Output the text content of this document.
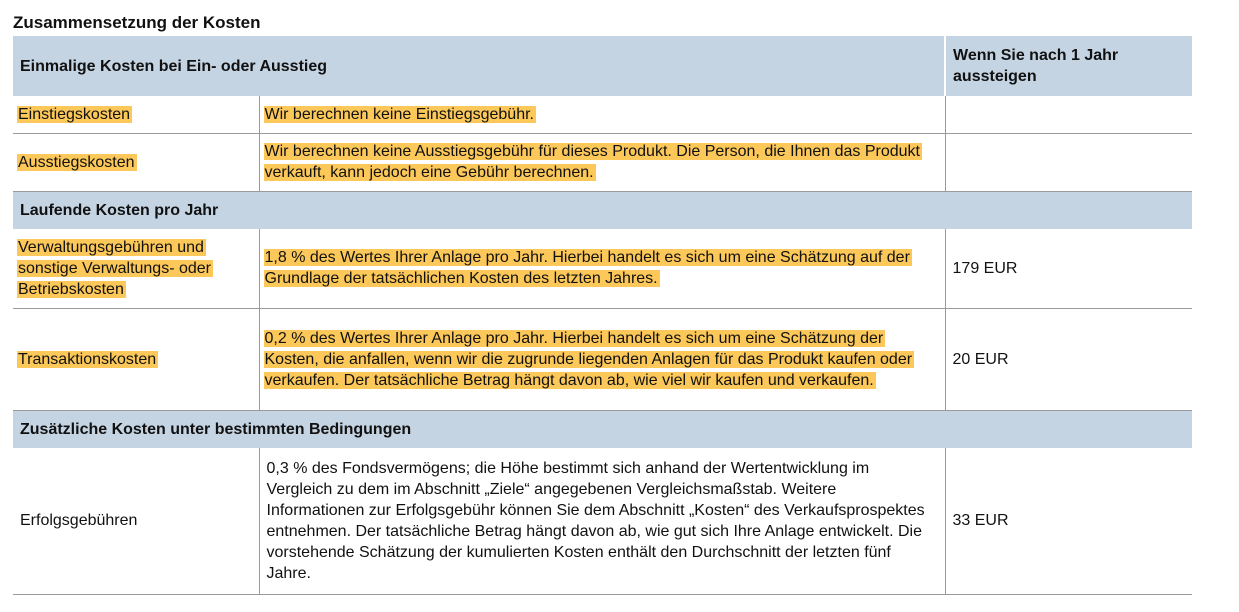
Zusammensetzung der Kosten
Einmalige Kosten bei Ein- oder Ausstieg		Wenn Sie nach 1 Jahr aussteigen
Einstiegskosten	Wir berechnen keine Einstiegsgebühr.	
Ausstiegskosten	Wir berechnen keine Ausstiegsgebühr für dieses Produkt. Die Person, die Ihnen das Produkt verkauft, kann jedoch eine Gebühr berechnen.	
Laufende Kosten pro Jahr		
Verwaltungsgebühren und sonstige Verwaltungs- oder Betriebskosten	1,8 % des Wertes Ihrer Anlage pro Jahr. Hierbei handelt es sich um eine Schätzung auf der Grundlage der tatsächlichen Kosten des letzten Jahres.	179 EUR
Transaktionskosten	0,2 % des Wertes Ihrer Anlage pro Jahr. Hierbei handelt es sich um eine Schätzung der Kosten, die anfallen, wenn wir die zugrunde liegenden Anlagen für das Produkt kaufen oder verkaufen. Der tatsächliche Betrag hängt davon ab, wie viel wir kaufen und verkaufen.	20 EUR
Zusätzliche Kosten unter bestimmten Bedingungen		
Erfolgsgebühren	0,3 % des Fondsvermögens; die Höhe bestimmt sich anhand der Wertentwicklung im Vergleich zu dem im Abschnitt „Ziele“ angegebenen Vergleichsmaßstab. Weitere Informationen zur Erfolgsgebühr können Sie dem Abschnitt „Kosten“ des Verkaufsprospektes entnehmen. Der tatsächliche Betrag hängt davon ab, wie gut sich Ihre Anlage entwickelt. Die vorstehende Schätzung der kumulierten Kosten enthält den Durchschnitt der letzten fünf Jahre.	33 EUR
